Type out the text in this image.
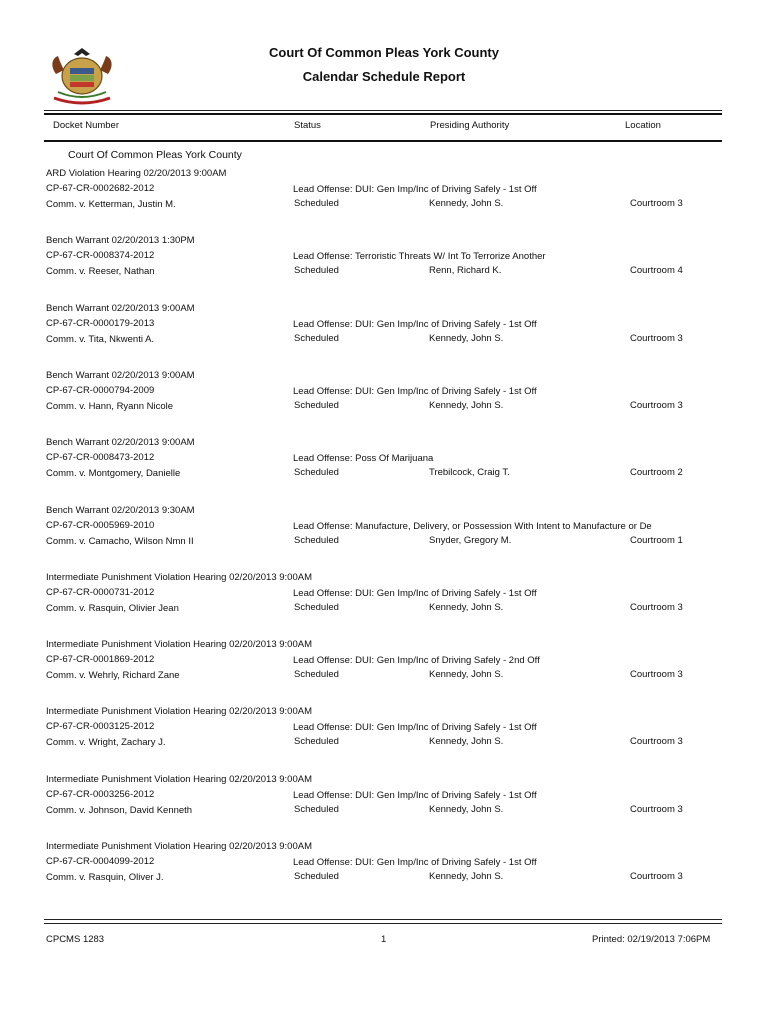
Court Of Common Pleas York County
Calendar Schedule Report
Docket Number	Status	Presiding Authority	Location
Court Of Common Pleas York County
ARD Violation Hearing 02/20/2013 9:00AM
CP-67-CR-0002682-2012
Comm. v. Ketterman, Justin M.
Lead Offense: DUI: Gen Imp/Inc of Driving Safely - 1st Off
Scheduled	Kennedy, John S.	Courtroom 3
Bench Warrant 02/20/2013 1:30PM
CP-67-CR-0008374-2012
Comm. v. Reeser, Nathan
Lead Offense: Terroristic Threats W/ Int To Terrorize Another
Scheduled	Renn, Richard K.	Courtroom 4
Bench Warrant 02/20/2013 9:00AM
CP-67-CR-0000179-2013
Comm. v. Tita, Nkwenti A.
Lead Offense: DUI: Gen Imp/Inc of Driving Safely - 1st Off
Scheduled	Kennedy, John S.	Courtroom 3
Bench Warrant 02/20/2013 9:00AM
CP-67-CR-0000794-2009
Comm. v. Hann, Ryann Nicole
Lead Offense: DUI: Gen Imp/Inc of Driving Safely - 1st Off
Scheduled	Kennedy, John S.	Courtroom 3
Bench Warrant 02/20/2013 9:00AM
CP-67-CR-0008473-2012
Comm. v. Montgomery, Danielle
Lead Offense: Poss Of Marijuana
Scheduled	Trebilcock, Craig T.	Courtroom 2
Bench Warrant 02/20/2013 9:30AM
CP-67-CR-0005969-2010
Comm. v. Camacho, Wilson Nmn II
Lead Offense: Manufacture, Delivery, or Possession With Intent to Manufacture or De
Scheduled	Snyder, Gregory M.	Courtroom 1
Intermediate Punishment Violation Hearing 02/20/2013 9:00AM
CP-67-CR-0000731-2012
Comm. v. Rasquin, Olivier Jean
Lead Offense: DUI: Gen Imp/Inc of Driving Safely - 1st Off
Scheduled	Kennedy, John S.	Courtroom 3
Intermediate Punishment Violation Hearing 02/20/2013 9:00AM
CP-67-CR-0001869-2012
Comm. v. Wehrly, Richard Zane
Lead Offense: DUI: Gen Imp/Inc of Driving Safely - 2nd Off
Scheduled	Kennedy, John S.	Courtroom 3
Intermediate Punishment Violation Hearing 02/20/2013 9:00AM
CP-67-CR-0003125-2012
Comm. v. Wright, Zachary J.
Lead Offense: DUI: Gen Imp/Inc of Driving Safely - 1st Off
Scheduled	Kennedy, John S.	Courtroom 3
Intermediate Punishment Violation Hearing 02/20/2013 9:00AM
CP-67-CR-0003256-2012
Comm. v. Johnson, David Kenneth
Lead Offense: DUI: Gen Imp/Inc of Driving Safely - 1st Off
Scheduled	Kennedy, John S.	Courtroom 3
Intermediate Punishment Violation Hearing 02/20/2013 9:00AM
CP-67-CR-0004099-2012
Comm. v. Rasquin, Oliver J.
Lead Offense: DUI: Gen Imp/Inc of Driving Safely - 1st Off
Scheduled	Kennedy, John S.	Courtroom 3
CPCMS 1283	1	Printed: 02/19/2013 7:06PM
